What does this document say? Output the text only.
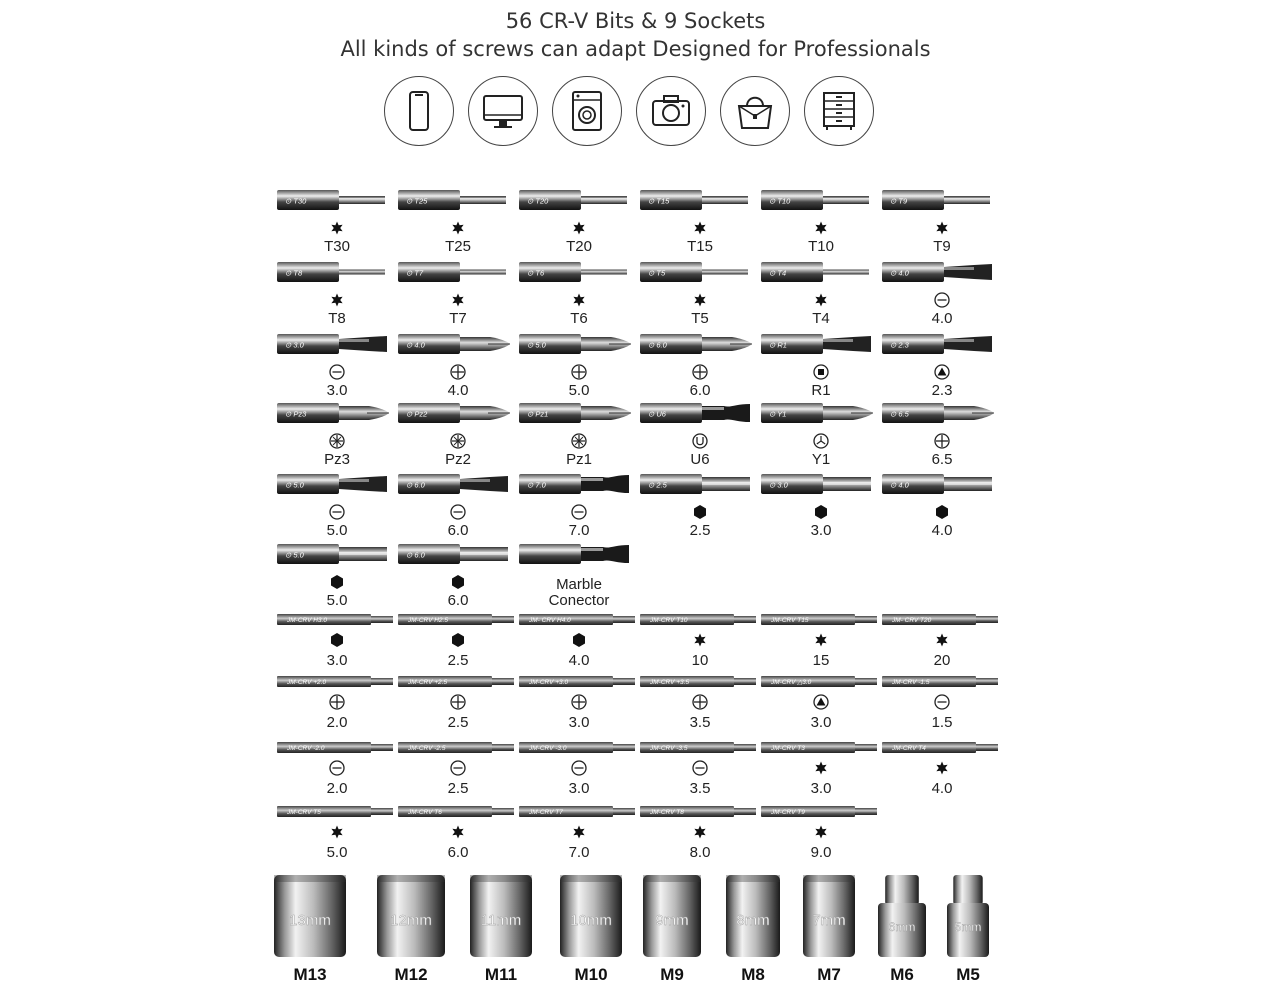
56 CR-V Bits & 9 Sockets
All kinds of screws can adapt Designed for Professionals
⊙ T30
T30
⊙ T25
T25
⊙ T20
T20
⊙ T15
T15
⊙ T10
T10
⊙ T9
T9
⊙ T8
T8
⊙ T7
T7
⊙ T6
T6
⊙ T5
T5
⊙ T4
T4
⊙ 4.0
4.0
⊙ 3.0
3.0
⊙ 4.0
4.0
⊙ 5.0
5.0
⊙ 6.0
6.0
⊙ R1
R1
⊙ 2.3
2.3
⊙ Pz3
Pz3
⊙ Pz2
Pz2
⊙ Pz1
Pz1
⊙ U6
U6
⊙ Y1
Y1
⊙ 6.5
6.5
⊙ 5.0
5.0
⊙ 6.0
6.0
⊙ 7.0
7.0
⊙ 2.5
2.5
⊙ 3.0
3.0
⊙ 4.0
4.0
⊙ 5.0
5.0
⊙ 6.0
6.0
Marble
Conector
JM-CRV H3.0
3.0
JM-CRV H2.5
2.5
JM- CRV H4.0
4.0
JM-CRV T10
10
JM-CRV T15
15
JM- CRV T20
20
JM-CRV +2.0
2.0
JM-CRV +2.5
2.5
JM-CRV +3.0
3.0
JM-CRV +3.5
3.5
JM-CRV △3.0
3.0
JM-CRV -1.5
1.5
JM-CRV -2.0
2.0
JM-CRV -2.5
2.5
JM-CRV -3.0
3.0
JM-CRV -3.5
3.5
JM-CRV T3
3.0
JM-CRV T4
4.0
JM-CRV T5
5.0
JM-CRV T6
6.0
JM-CRV T7
7.0
JM-CRV T8
8.0
JM-CRV T9
9.0
13mm
M13
12mm
M12
11mm
M11
10mm
M10
9mm
M9
8mm
M8
7mm
M7
6mm
M6
5mm
M5
